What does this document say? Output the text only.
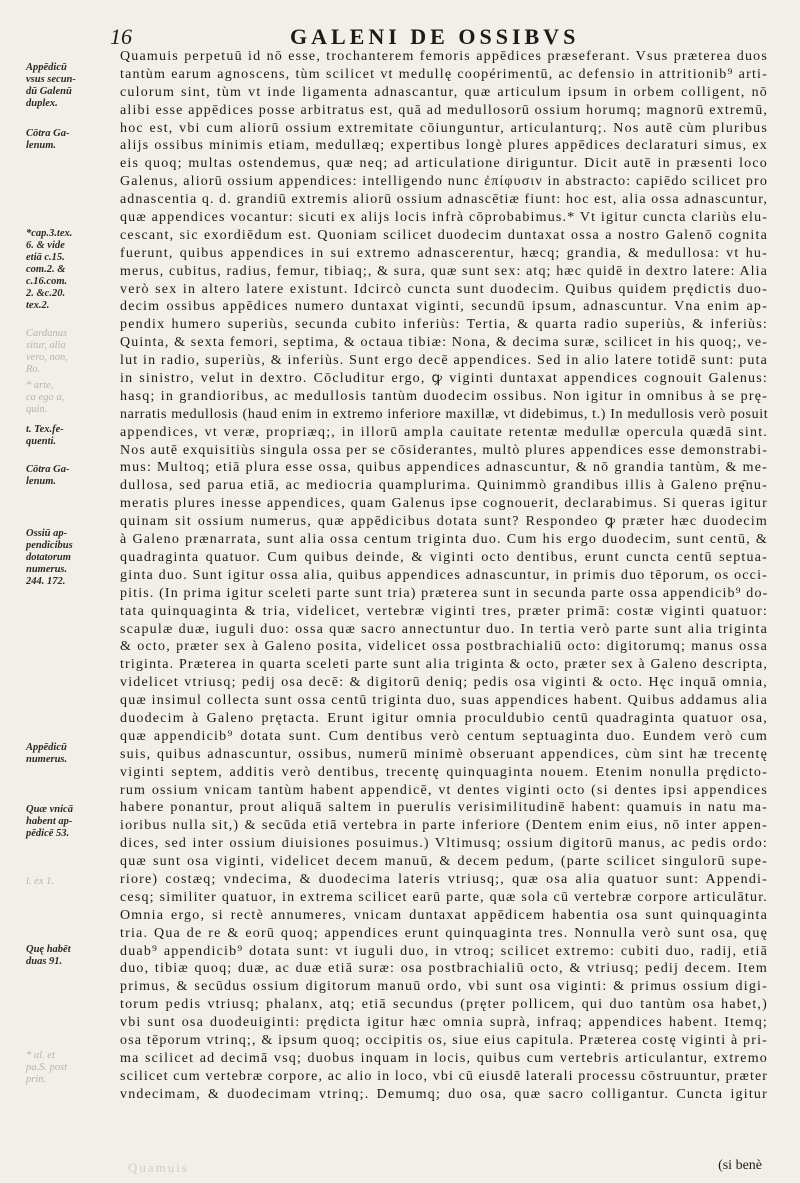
16	GALENI DE OSSIBVS
Appēdicū
vsus secun-
dū Galenū
duplex.
Cōtra Ga-
lenum.
*cap.3.tex.
6. & vide
etiā c.15.
com.2. &
c.16.com.
2. &c.20.
tex.2.
Cardanus
situr, alia
vero, non,
Ro.
* arte,
ca ego a,
quin.
t. Tex.fe-
quenti.
Cōtra Ga-
lenum.
Ossiū ap-
pendicibus
dotatorum
numerus.
244. 172.
Appēdicū
numerus.
Quæ vnicā
habent ap-
pēdicē 53.
l. ex 1.
Quę habēt
duas 91.
* al. et
pa.S. post
prin.
Quamuis perpetuū id nō esse, trochanterem femoris appēdices præseferant. Vsus præterea duos
tantùm earum agnoscens, tùm scilicet vt medullę coopérimentū, ac defensio in attritionib⁹ arti-
culorum sint, tùm vt inde ligamenta adnascantur, quæ articulum ipsum in orbem colligent, nō
alibi esse appēdices posse arbitratus est, quā ad medullosorū ossium horumq; magnorū extremū,
hoc est, vbi cum aliorū ossium extremitate cōiunguntur, articulanturq;. Nos autē cùm pluribus
alijs ossibus minimis etiam, medullæq; expertibus longè plures appēdices declaraturi simus, ex
eis quoq; multas ostendemus, quæ neq; ad articulatione diriguntur. Dicit autē in præsenti loco
Galenus, aliorū ossium appendices: intelligendo nunc ἐπίφυσιν in abstracto: capiēdo scilicet pro
adnascentia q. d. grandiū extremis aliorū ossium adnascētiæ fiunt: hoc est, alia ossa adnascuntur,
quæ appendices vocantur: sicuti ex alijs locis infrà cōprobabimus.* Vt igitur cuncta clariùs elu-
cescant, sic exordiēdum est. Quoniam scilicet duodecim duntaxat ossa a nostro Galenō cognita
fuerunt, quibus appendices in sui extremo adnascerentur, hæcq; grandia, & medullosa: vt hu-
merus, cubitus, radius, femur, tibiaq;, & sura, quæ sunt sex: atq; hæc quidē in dextro latere: Alia
verò sex in altero latere existunt. Idcircò cuncta sunt duodecim. Quibus quidem prędictis duo-
decim ossibus appēdices numero duntaxat viginti, secundū ipsum, adnascuntur. Vna enim ap-
pendix humero superiùs, secunda cubito inferiùs: Tertia, & quarta radio superiùs, & inferiùs:
Quinta, & sexta femori, septima, & octaua tibiæ: Nona, & decima suræ, scilicet in his quoq;, ve-
lut in radio, superiùs, & inferiùs. Sunt ergo decē appendices. Sed in alio latere totidē sunt: puta
in sinistro, velut in dextro. Cōcluditur ergo, ꝙ viginti duntaxat appendices cognouit Galenus:
hasq; in grandioribus, ac medullosis tantùm duodecim ossibus. Non igitur in omnibus à se prę-
narratis medullosis (haud enim in extremo inferiore maxillæ, vt didebimus, t.) In medullosis verò posuit
appendices, vt veræ, propriæq;, in illorū ampla cauitate retentæ medullæ opercula quædā sint.
Nos autē exquisitiùs singula ossa per se cōsiderantes, multò plures appendices esse demonstrabi-
mus: Multoq; etiā plura esse ossa, quibus appendices adnascuntur, & nō grandia tantùm, & me-
dullosa, sed parua etiā, ac mediocria quamplurima. Quinimmò grandibus illis à Galeno prę̄nu-
meratis plures inesse appendices, quam Galenus ipse cognouerit, declarabimus. Si queras igitur
quinam sit ossium numerus, quæ appēdicibus dotata sunt? Respondeo ꝙ præter hæc duodecim
à Galeno prænarrata, sunt alia ossa centum triginta duo. Cum his ergo duodecim, sunt centū, &
quadraginta quatuor. Cum quibus deinde, & viginti octo dentibus, erunt cuncta centū septua-
ginta duo. Sunt igitur ossa alia, quibus appendices adnascuntur, in primis duo tēporum, os occi-
pitis. (In prima igitur sceleti parte sunt tria) præterea sunt in secunda parte ossa appendicib⁹ do-
tata quinquaginta & tria, videlicet, vertebræ viginti tres, præter primā: costæ viginti quatuor:
scapulæ duæ, iuguli duo: ossa quæ sacro annectuntur duo. In tertia verò parte sunt alia triginta
& octo, præter sex à Galeno posita, videlicet ossa postbrachialiū octo: digitorumq; manus ossa
triginta. Præterea in quarta sceleti parte sunt alia triginta & octo, præter sex à Galeno descripta,
videlicet vtriusq; pedij osa decē: & digitorū deniq; pedis osa viginti & octo. Hęc inquā omnia,
quæ insimul collecta sunt ossa centū triginta duo, suas appendices habent. Quibus addamus alia
duodecim à Galeno prętacta. Erunt igitur omnia proculdubio centū quadraginta quatuor osa,
quæ appendicib⁹ dotata sunt. Cum dentibus verò centum septuaginta duo. Eundem verò cum
suis, quibus adnascuntur, ossibus, numerū minimè obseruant appendices, cùm sint hæ trecentę
viginti septem, additis verò dentibus, trecentę quinquaginta nouem. Etenim nonulla prędicto-
rum ossium vnicam tantùm habent appendicē, vt dentes viginti octo (si dentes ipsi appendices
habere ponantur, prout aliquā saltem in puerulis verisimilitudinē habent: quamuis in natu ma-
ioribus nulla sit,) & secūda etiā vertebra in parte inferiore (Dentem enim eius, nō inter appen-
dices, sed inter ossium diuisiones posuimus.) Vltimusq; ossium digitorū manus, ac pedis ordo:
quæ sunt osa viginti, videlicet decem manuū, & decem pedum, (parte scilicet singulorū supe-
riore) costæq; vndecima, & duodecima lateris vtriusq;, quæ osa alia quatuor sunt: Appendi-
cesq; similiter quatuor, in extrema scilicet earū parte, quæ sola cū vertebræ corpore articulātur.
Omnia ergo, si rectè annumeres, vnicam duntaxat appēdicem habentia osa sunt quinquaginta
tria. Qua de re & eorū quoq; appendices erunt quinquaginta tres. Nonnulla verò sunt osa, quę
duab⁹ appendicib⁹ dotata sunt: vt iuguli duo, in vtroq; scilicet extremo: cubiti duo, radij, etiā
duo, tibiæ quoq; duæ, ac duæ etiā suræ: osa postbrachialiū octo, & vtriusq; pedij decem. Item
primus, & secūdus ossium digitorum manuū ordo, vbi sunt osa viginti: & primus ossium digi-
torum pedis vtriusq; phalanx, atq; etiā secundus (pręter pollicem, qui duo tantùm osa habet,)
vbi sunt osa duodeuiginti: prędicta igitur hæc omnia suprà, infraq; appendices habent. Itemq;
osa tēporum vtrinq;, & ipsum quoq; occipitis os, siue eius capitula. Præterea costę viginti à pri-
ma scilicet ad decimā vsq; duobus inquam in locis, quibus cum vertebris articulantur, extremo
scilicet cum vertebræ corpore, ac alio in loco, vbi cū eiusdē laterali processu cōstruuntur, præter
vndecimam, & duodecimam vtrinq;. Demumq; duo osa, quæ sacro colligantur. Cuncta igitur
(si benè
Quamuis
